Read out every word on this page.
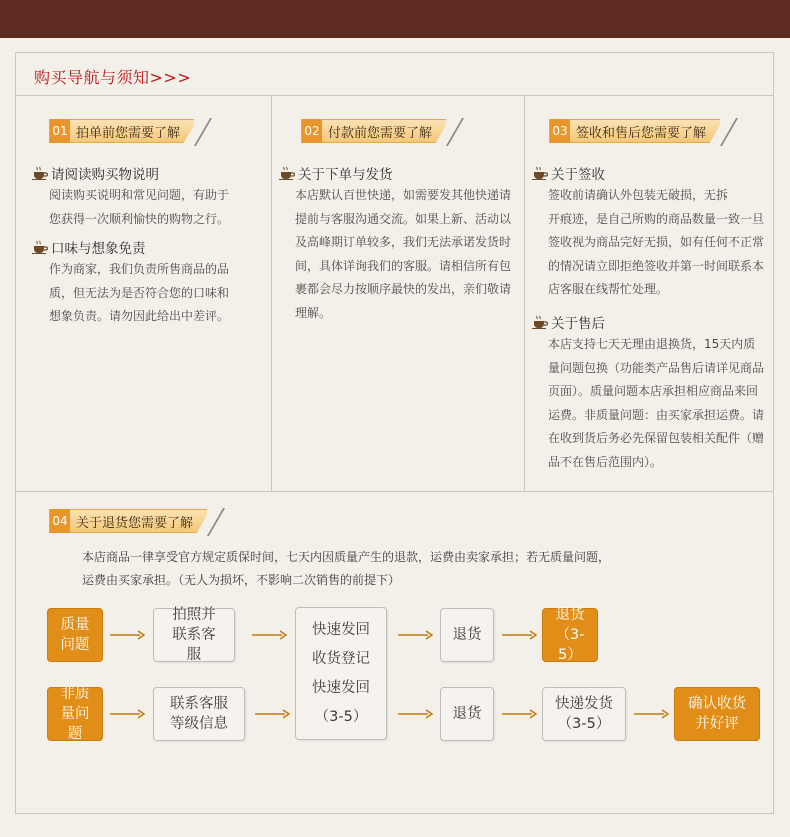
购买导航与须知>>>
01 拍单前您需要了解
请阅读购买物说明
阅读购买说明和常见问题，有助于
您获得一次顺利愉快的购物之行。
口味与想象免责
作为商家，我们负责所售商品的品
质，但无法为是否符合您的口味和
想象负责。请勿因此给出中差评。
02 付款前您需要了解
关于下单与发货
本店默认百世快递，如需要发其他快递请
提前与客服沟通交流。如果上新、活动以
及高峰期订单较多，我们无法承诺发货时
间，具体详询我们的客服。请相信所有包
裹都会尽力按顺序最快的发出，亲们敬请
理解。
03 签收和售后您需要了解
关于签收
签收前请确认外包装无破损，无拆
开痕迹，是自己所购的商品数量一致一旦
签收视为商品完好无损，如有任何不正常
的情况请立即拒绝签收并第一时间联系本
店客服在线帮忙处理。
关于售后
本店支持七天无理由退换货，15天内质
量问题包换（功能类产品售后请详见商品
页面）。质量问题本店承担相应商品来回
运费。非质量问题：由买家承担运费。请
在收到货后务必先保留包装相关配件（赠
品不在售后范围内）。
04 关于退货您需要了解
本店商品一律享受官方规定质保时间，七天内因质量产生的退款，运费由卖家承担；若无质量问题，
运费由买家承担。（无人为损坏，不影响二次销售的前提下）
质量问题
拍照并联系客服
快速发回
收货登记
快速发回
（3-5）
退货
退货（3-5）
非质量问题
联系客服等级信息
退货
快递发货（3-5）
确认收货并好评
